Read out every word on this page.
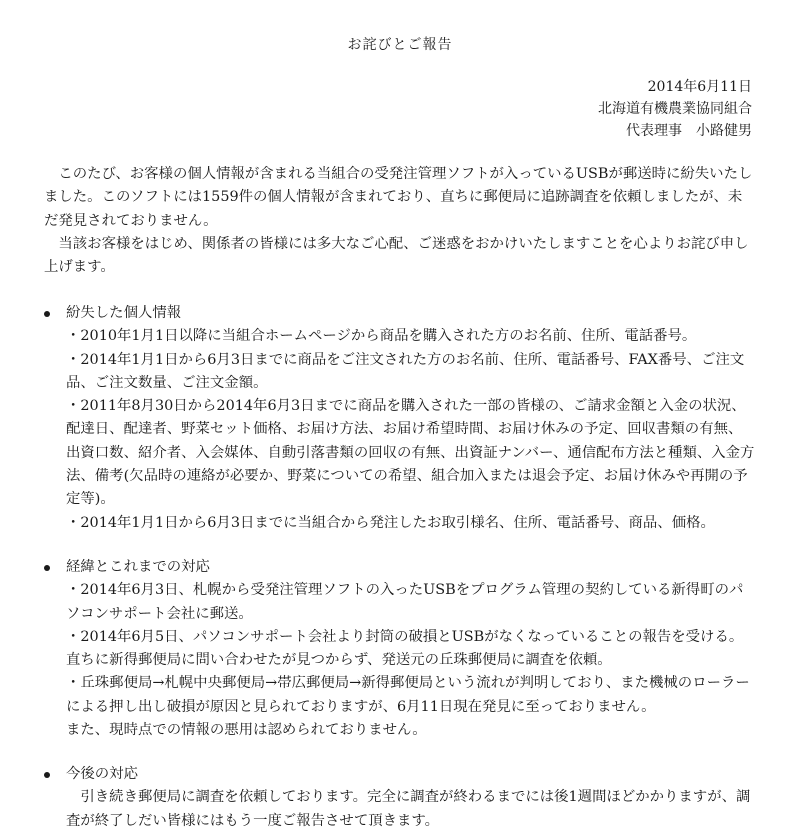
お詫びとご報告
2014年6月11日
北海道有機農業協同組合
代表理事　小路健男

このたび、お客様の個人情報が含まれる当組合の受発注管理ソフトが入っているUSBが郵送時に紛失いたしました。このソフトには1559件の個人情報が含まれており、直ちに郵便局に追跡調査を依頼しましたが、未だ発見されておりません。

当該お客様をはじめ、関係者の皆様には多大なご心配、ご迷惑をおかけいたしますことを心よりお詫び申し上げます。

紛失した個人情報

・2010年1月1日以降に当組合ホームページから商品を購入された方のお名前、住所、電話番号。

・2014年1月1日から6月3日までに商品をご注文された方のお名前、住所、電話番号、FAX番号、ご注文品、ご注文数量、ご注文金額。

・2011年8月30日から2014年6月3日までに商品を購入された一部の皆様の、ご請求金額と入金の状況、配達日、配達者、野菜セット価格、お届け方法、お届け希望時間、お届け休みの予定、回収書類の有無、出資口数、紹介者、入会媒体、自動引落書類の回収の有無、出資証ナンバー、通信配布方法と種類、入金方法、備考(欠品時の連絡が必要か、野菜についての希望、組合加入または退会予定、お届け休みや再開の予定等)。

・2014年1月1日から6月3日までに当組合から発注したお取引様名、住所、電話番号、商品、価格。

経緯とこれまでの対応

・2014年6月3日、札幌から受発注管理ソフトの入ったUSBをプログラム管理の契約している新得町のパソコンサポート会社に郵送。

・2014年6月5日、パソコンサポート会社より封筒の破損とUSBがなくなっていることの報告を受ける。直ちに新得郵便局に問い合わせたが見つからず、発送元の丘珠郵便局に調査を依頼。

・丘珠郵便局→札幌中央郵便局→帯広郵便局→新得郵便局という流れが判明しており、また機械のローラーによる押し出し破損が原因と見られておりますが、6月11日現在発見に至っておりません。

また、現時点での情報の悪用は認められておりません。

今後の対応

引き続き郵便局に調査を依頼しております。完全に調査が終わるまでには後1週間ほどかかりますが、調査が終了しだい皆様にはもう一度ご報告させて頂きます。
